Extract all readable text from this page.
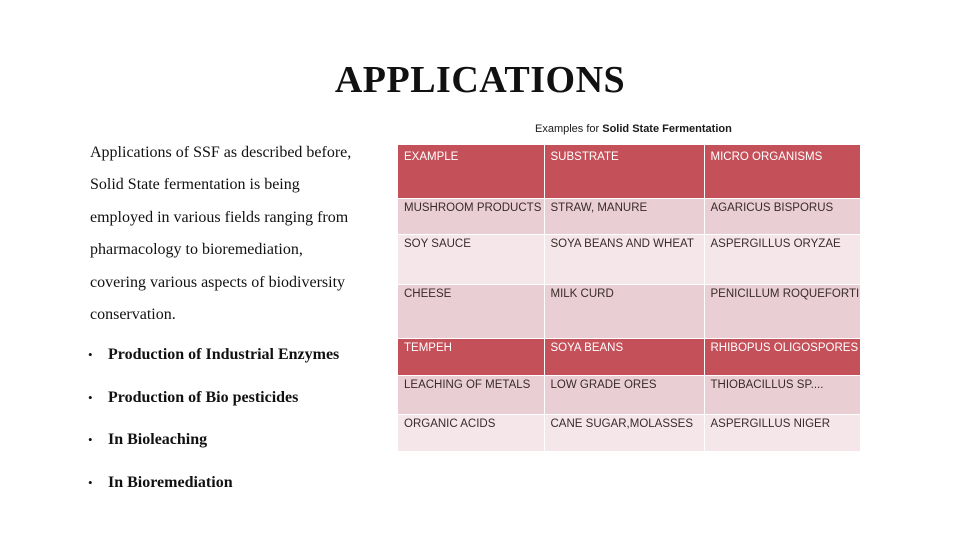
APPLICATIONS

Applications of SSF as described before,
Solid State fermentation is being
employed in various fields ranging from
pharmacology to bioremediation,
covering various aspects of biodiversity
conservation.

• Production of Industrial Enzymes
• Production of Bio pesticides
• In Bioleaching
• In Bioremediation
Examples for Solid State Fermentation
EXAMPLE	SUBSTRATE	MICRO ORGANISMS
MUSHROOM PRODUCTS	STRAW, MANURE	AGARICUS BISPORUS
SOY SAUCE	SOYA BEANS AND WHEAT	ASPERGILLUS ORYZAE
CHEESE	MILK CURD	PENICILLUM ROQUEFORTI
TEMPEH	SOYA BEANS	RHIBOPUS OLIGOSPORES
LEACHING OF METALS	LOW GRADE ORES	THIOBACILLUS SP....
ORGANIC ACIDS	CANE SUGAR,MOLASSES	ASPERGILLUS NIGER
